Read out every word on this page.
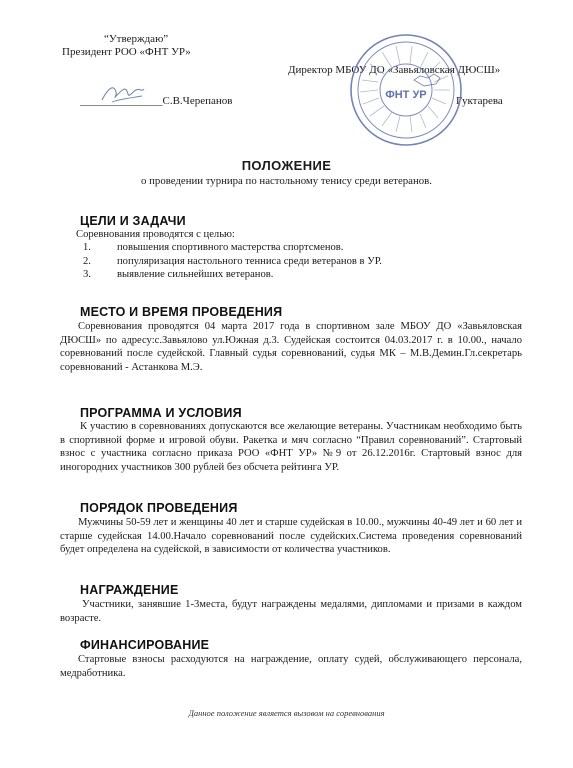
“Утверждаю”
Президент РОО «ФНТ УР»
_______________С.В.Черепанов
Директор МБОУ ДО «Завьяловская ДЮСШ»
Гуктарева
ФНТ УР
ПОЛОЖЕНИЕ
о проведении турнира по настольному тенису среди ветеранов.
ЦЕЛИ И ЗАДАЧИ
Соревнования проводятся с целью:
1. повышения спортивного мастерства спортсменов.
2. популяризация настольного тенниса среди ветеранов в УР.
3. выявление сильнейших ветеранов.
МЕСТО И ВРЕМЯ ПРОВЕДЕНИЯ
Соревнования проводятся 04 марта 2017 года в спортивном зале МБОУ ДО «Завьяловская ДЮСШ» по адресу:с.Завьялово ул.Южная д.3. Судейская состоится 04.03.2017 г. в 10.00., начало соревнований после судейской. Главный судья соревнований, судья МК – М.В.Демин.Гл.секретарь соревнований - Астанкова М.Э.
ПРОГРАММА И УСЛОВИЯ
К участию в соревнованиях допускаются все желающие ветераны. Участникам необходимо быть в спортивной форме и игровой обуви. Ракетка и мяч согласно “Правил соревнований”. Стартовый взнос с участника согласно приказа РОО «ФНТ УР» №9 от 26.12.2016г. Стартовый взнос для иногородних участников 300 рублей без обсчета рейтинга УР.
ПОРЯДОК ПРОВЕДЕНИЯ
Мужчины 50-59 лет и женщины 40 лет и старше судейская в 10.00., мужчины 40-49 лет и 60 лет и старше судейская 14.00.Начало соревнований после судейских.Система проведения соревнований будет определена на судейской, в зависимости от количества участников.
НАГРАЖДЕНИЕ
Участники, занявшие 1-3места, будут награждены медалями, дипломами и призами в каждом возрасте.
ФИНАНСИРОВАНИЕ
Стартовые взносы расходуются на награждение, оплату судей, обслуживающего персонала, медработника.
Данное положение является вызовом на соревнования
